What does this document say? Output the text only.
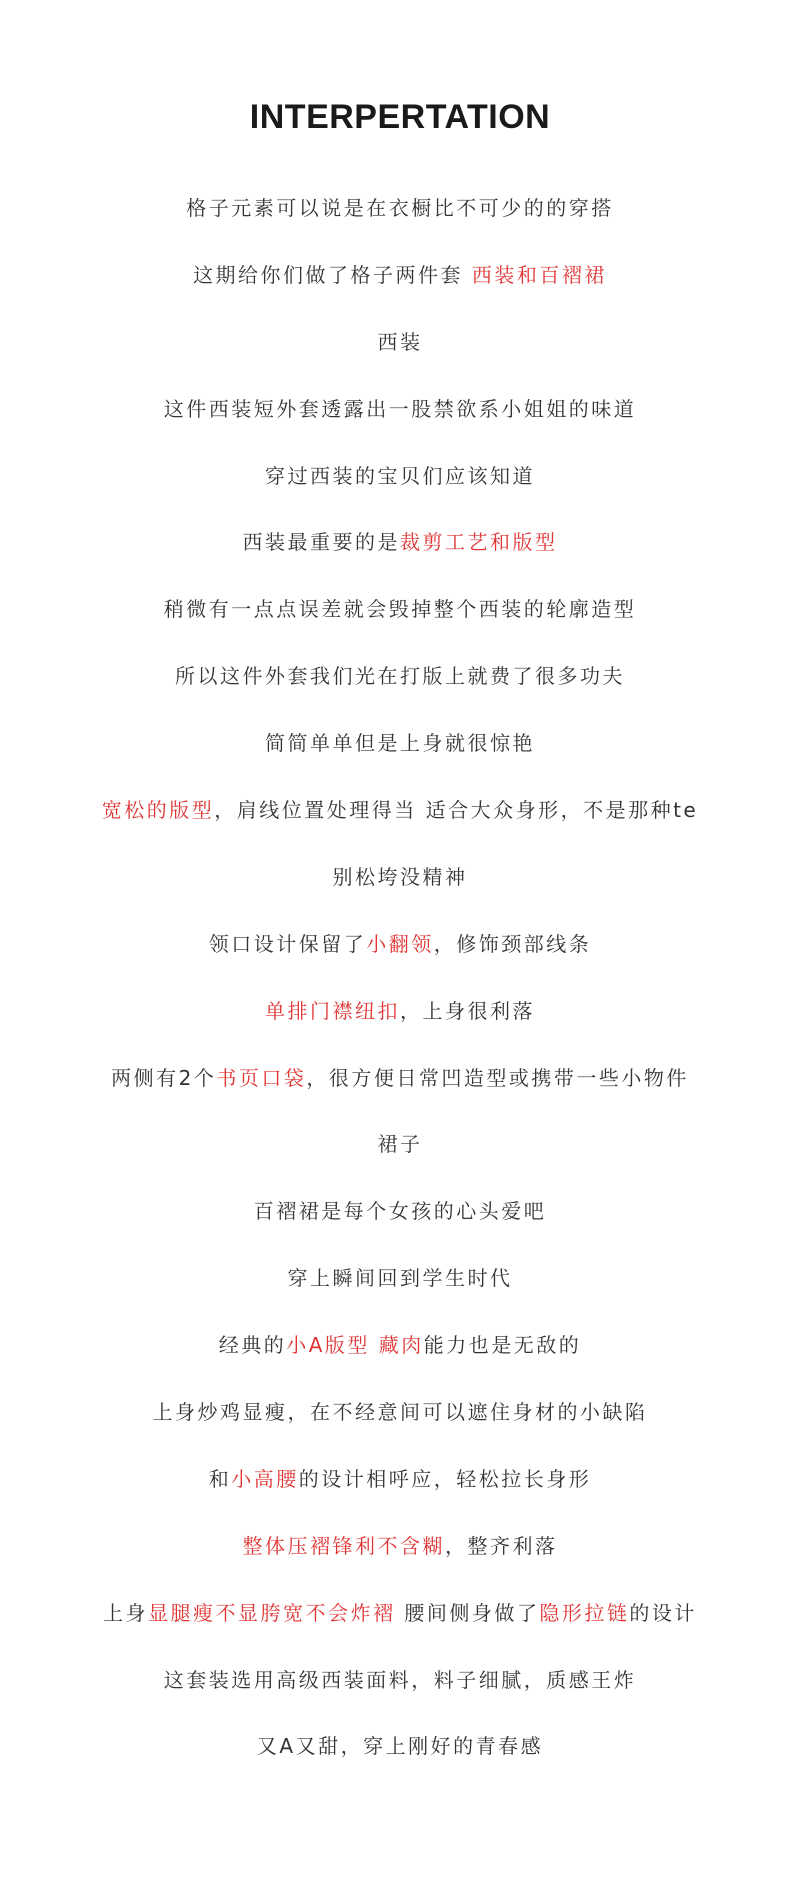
INTERPERTATION
格子元素可以说是在衣橱比不可少的的穿搭
这期给你们做了格子两件套 西装和百褶裙
西装
这件西装短外套透露出一股禁欲系小姐姐的味道
穿过西装的宝贝们应该知道
西装最重要的是裁剪工艺和版型
稍微有一点点误差就会毁掉整个西装的轮廓造型
所以这件外套我们光在打版上就费了很多功夫
简简单单但是上身就很惊艳
宽松的版型，肩线位置处理得当 适合大众身形，不是那种te
别松垮没精神
领口设计保留了小翻领，修饰颈部线条
单排门襟纽扣，上身很利落
两侧有2个书页口袋，很方便日常凹造型或携带一些小物件
裙子
百褶裙是每个女孩的心头爱吧
穿上瞬间回到学生时代
经典的小A版型 藏肉能力也是无敌的
上身炒鸡显瘦，在不经意间可以遮住身材的小缺陷
和小高腰的设计相呼应，轻松拉长身形
整体压褶锋利不含糊，整齐利落
上身显腿瘦不显胯宽不会炸褶 腰间侧身做了隐形拉链的设计
这套装选用高级西装面料，料子细腻，质感王炸
又A又甜，穿上刚好的青春感
